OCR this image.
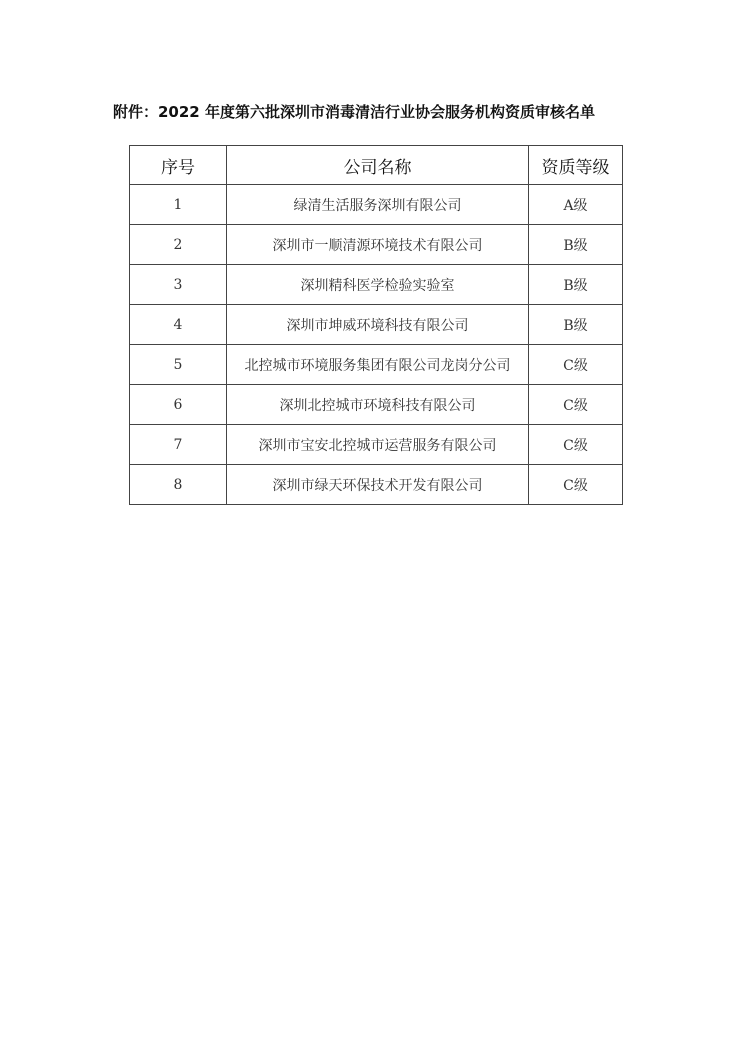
附件：2022 年度第六批深圳市消毒清洁行业协会服务机构资质审核名单
序号	公司名称	资质等级
1	绿清生活服务深圳有限公司	A级
2	深圳市一顺清源环境技术有限公司	B级
3	深圳精科医学检验实验室	B级
4	深圳市坤威环境科技有限公司	B级
5	北控城市环境服务集团有限公司龙岗分公司	C级
6	深圳北控城市环境科技有限公司	C级
7	深圳市宝安北控城市运营服务有限公司	C级
8	深圳市绿天环保技术开发有限公司	C级
